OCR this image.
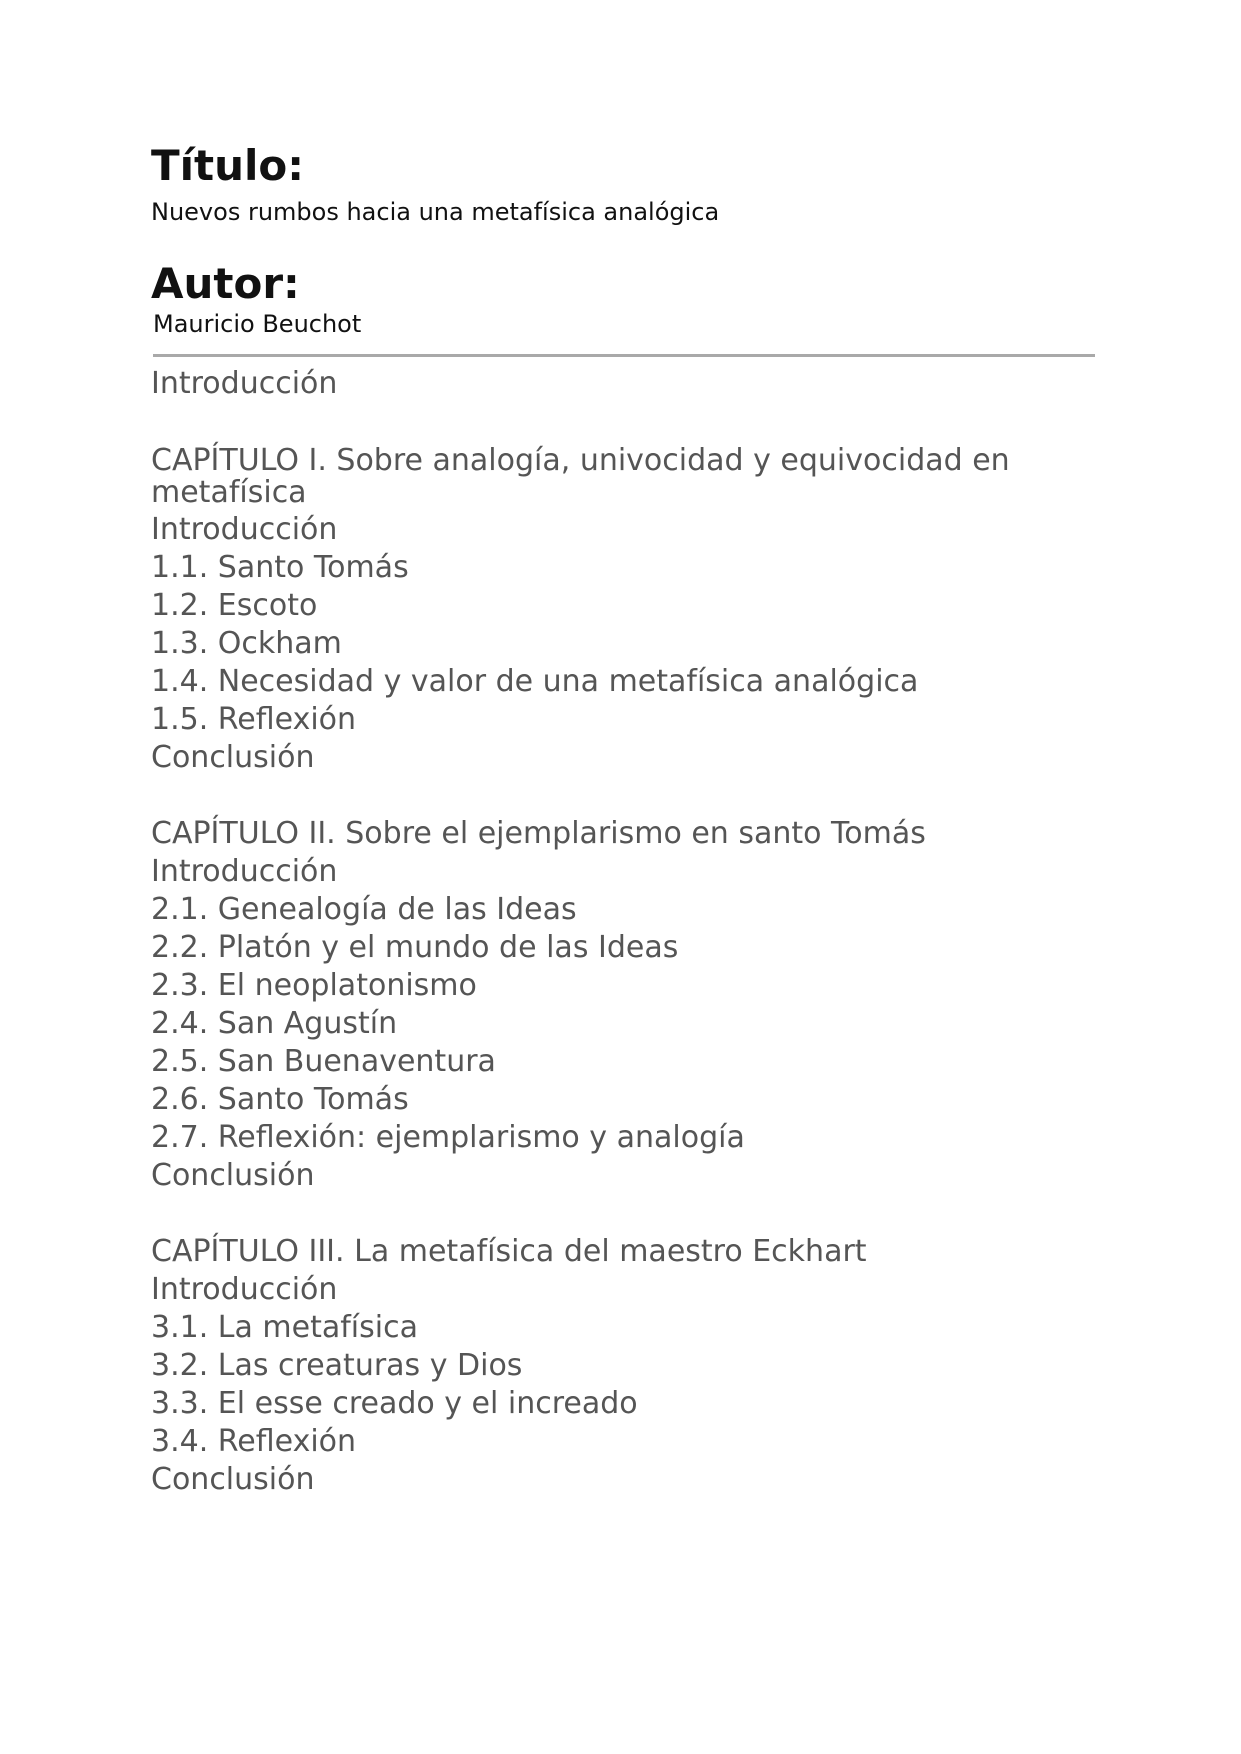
Título:

Nuevos rumbos hacia una metafísica analógica

Autor:

Mauricio Beuchot

Introducción

CAPÍTULO I. Sobre analogía, univocidad y equivocidad en metafísica

Introducción

1.1. Santo Tomás

1.2. Escoto

1.3. Ockham

1.4. Necesidad y valor de una metafísica analógica

1.5. Reflexión

Conclusión

CAPÍTULO II. Sobre el ejemplarismo en santo Tomás

Introducción

2.1. Genealogía de las Ideas

2.2. Platón y el mundo de las Ideas

2.3. El neoplatonismo

2.4. San Agustín

2.5. San Buenaventura

2.6. Santo Tomás

2.7. Reflexión: ejemplarismo y analogía

Conclusión

CAPÍTULO III. La metafísica del maestro Eckhart

Introducción

3.1. La metafísica

3.2. Las creaturas y Dios

3.3. El esse creado y el increado

3.4. Reflexión

Conclusión
